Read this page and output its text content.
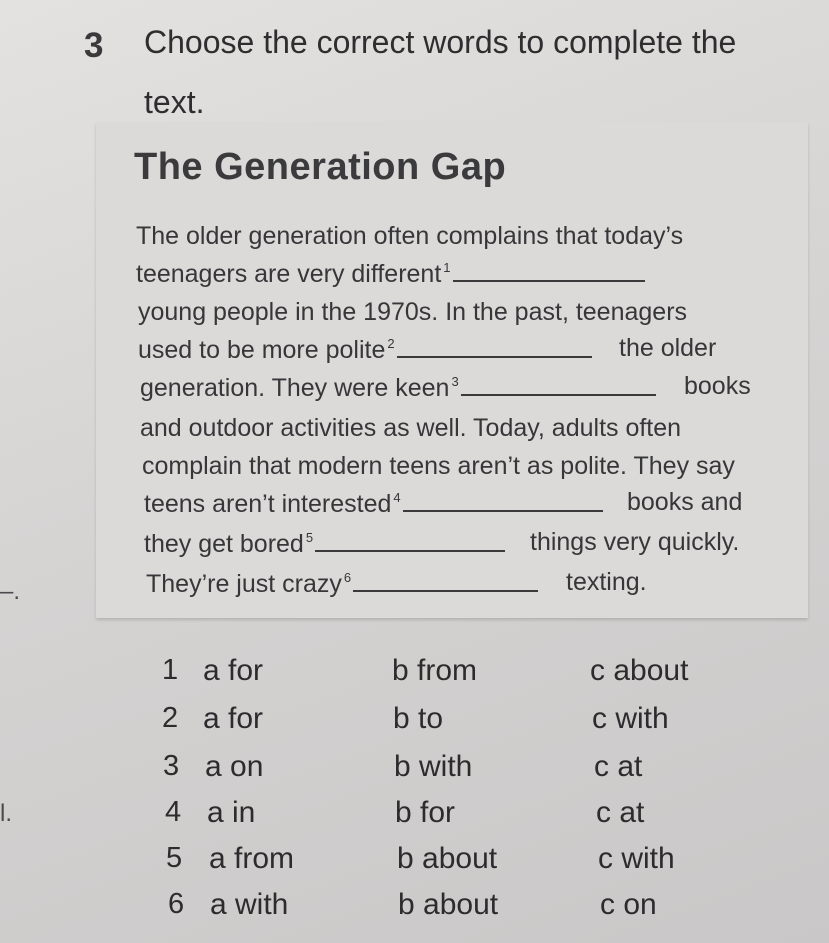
3 Choose the correct words to complete the
text.
The Generation Gap
The older generation often complains that today’s
teenagers are very different $^1$
young people in the 1970s. In the past, teenagers
used to be more polite $^2$	the older
generation. They were keen $^3$	books
and outdoor activities as well. Today, adults often
complain that modern teens aren’t as polite. They say
teens aren’t interested $^4$	books and
they get bored $^5$	things very quickly.
They’re just crazy $^6$	texting.
1 a for	b from	c about
2 a for	b to	c with
3 a on	b with	c at
4 a in	b for	c at
5 a from	b about	c with
6 a with	b about	c on
–.
l.
